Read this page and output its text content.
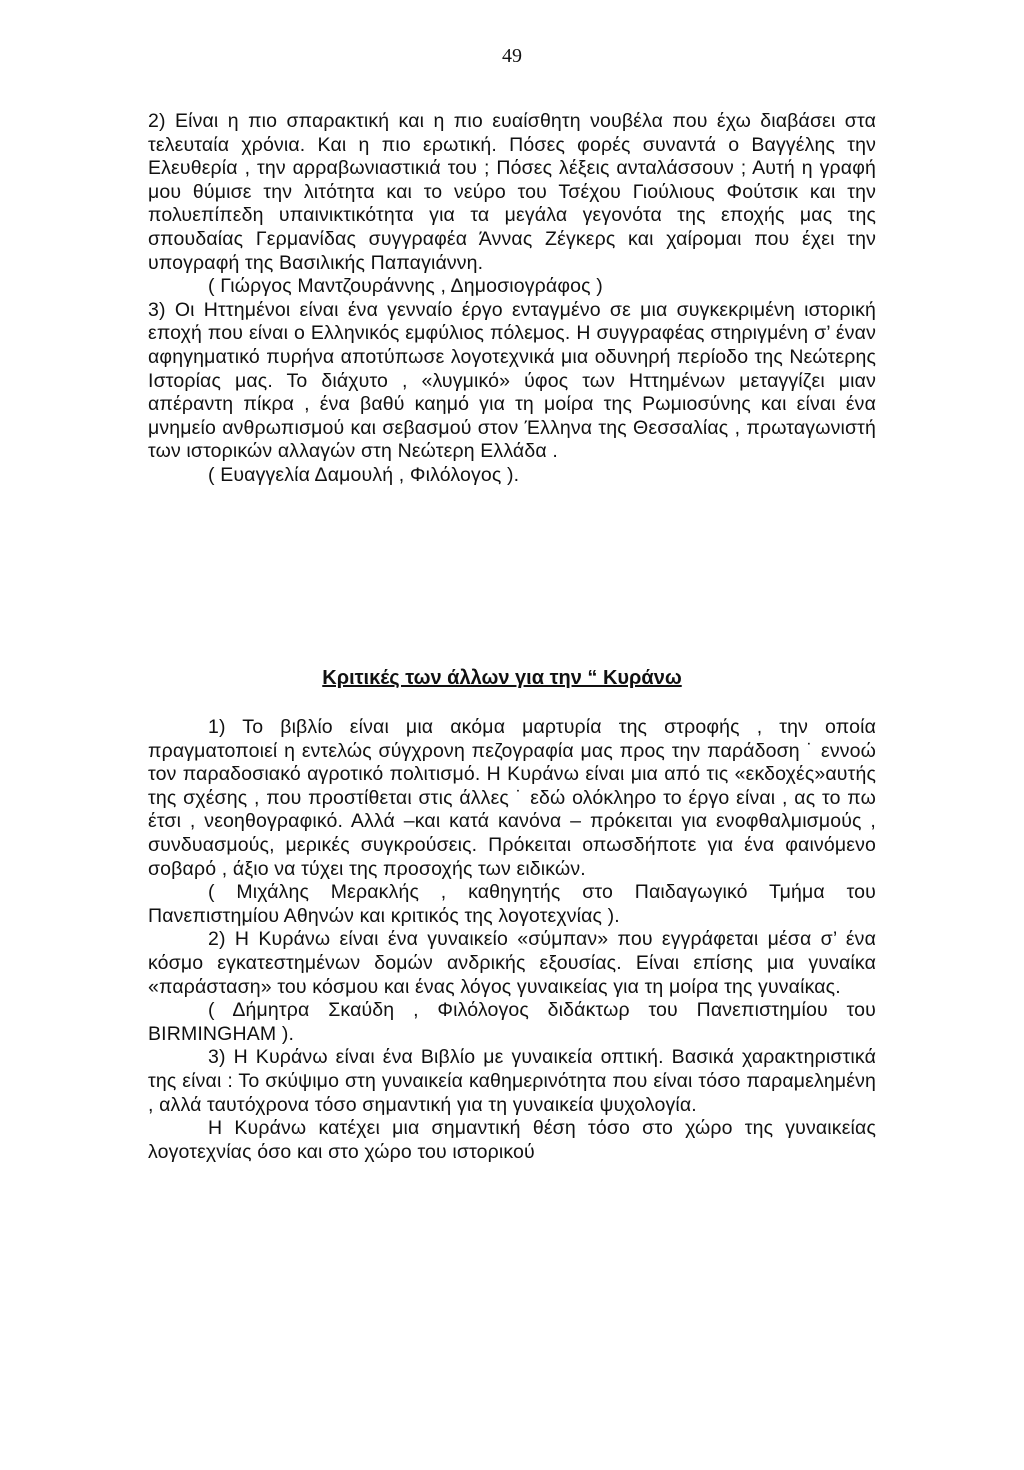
49

2) Είναι η πιο σπαρακτική και η πιο ευαίσθητη νουβέλα που έχω διαβάσει στα τελευταία χρόνια. Και η πιο ερωτική. Πόσες φορές συναντά ο Βαγγέλης την Ελευθερία , την αρραβωνιαστικιά του ; Πόσες λέξεις ανταλάσσουν ; Αυτή η γραφή μου θύμισε την λιτότητα και το νεύρο του Τσέχου Γιούλιους Φούτσικ και την πολυεπίπεδη υπαινικτικότητα για τα μεγάλα γεγονότα της εποχής μας της σπουδαίας Γερμανίδας συγγραφέα Άννας Ζέγκερς και χαίρομαι που έχει την υπογραφή της Βασιλικής Παπαγιάννη.

( Γιώργος Μαντζουράννης , Δημοσιογράφος )

3) Οι Ηττημένοι είναι ένα γενναίο έργο ενταγμένο σε μια συγκεκριμένη ιστορική εποχή που είναι ο Ελληνικός εμφύλιος πόλεμος. Η συγγραφέας στηριγμένη σ’ έναν αφηγηματικό πυρήνα αποτύπωσε λογοτεχνικά μια οδυνηρή περίοδο της Νεώτερης Ιστορίας μας. Το διάχυτο , «λυγμικό» ύφος των Ηττημένων μεταγγίζει μιαν απέραντη πίκρα , ένα βαθύ καημό για τη μοίρα της Ρωμιοσύνης και είναι ένα μνημείο ανθρωπισμού και σεβασμού στον Έλληνα της Θεσσαλίας , πρωταγωνιστή των ιστορικών αλλαγών στη Νεώτερη Ελλάδα .

( Ευαγγελία Δαμουλή , Φιλόλογος ).

Κριτικές των άλλων για την “ Κυράνω

1) Το βιβλίο είναι μια ακόμα μαρτυρία της στροφής , την οποία πραγματοποιεί η εντελώς σύγχρονη πεζογραφία μας προς την παράδοση ˙ εννοώ τον παραδοσιακό αγροτικό πολιτισμό. Η Κυράνω είναι μια από τις «εκδοχές»αυτής της σχέσης , που προστίθεται στις άλλες ˙ εδώ ολόκληρο το έργο είναι , ας το πω έτσι , νεοηθογραφικό. Αλλά –και κατά κανόνα – πρόκειται για ενοφθαλμισμούς , συνδυασμούς, μερικές συγκρούσεις. Πρόκειται οπωσδήποτε για ένα φαινόμενο σοβαρό , άξιο να τύχει της προσοχής των ειδικών.

( Μιχάλης Μερακλής , καθηγητής στο Παιδαγωγικό Τμήμα του Πανεπιστημίου Αθηνών και κριτικός της λογοτεχνίας ).

2) Η Κυράνω είναι ένα γυναικείο «σύμπαν» που εγγράφεται μέσα σ’ ένα κόσμο εγκατεστημένων δομών ανδρικής εξουσίας. Είναι επίσης μια γυναίκα «παράσταση» του κόσμου και ένας λόγος γυναικείας για τη μοίρα της γυναίκας.

( Δήμητρα Σκαύδη , Φιλόλογος διδάκτωρ του Πανεπιστημίου του BIRMINGHAM ).

3) Η Κυράνω είναι ένα Βιβλίο με γυναικεία οπτική. Βασικά χαρακτηριστικά της είναι : Το σκύψιμο στη γυναικεία καθημερινότητα που είναι τόσο παραμελημένη , αλλά ταυτόχρονα τόσο σημαντική για τη γυναικεία ψυχολογία.

Η Κυράνω κατέχει μια σημαντική θέση τόσο στο χώρο της γυναικείας λογοτεχνίας όσο και στο χώρο του ιστορικού
